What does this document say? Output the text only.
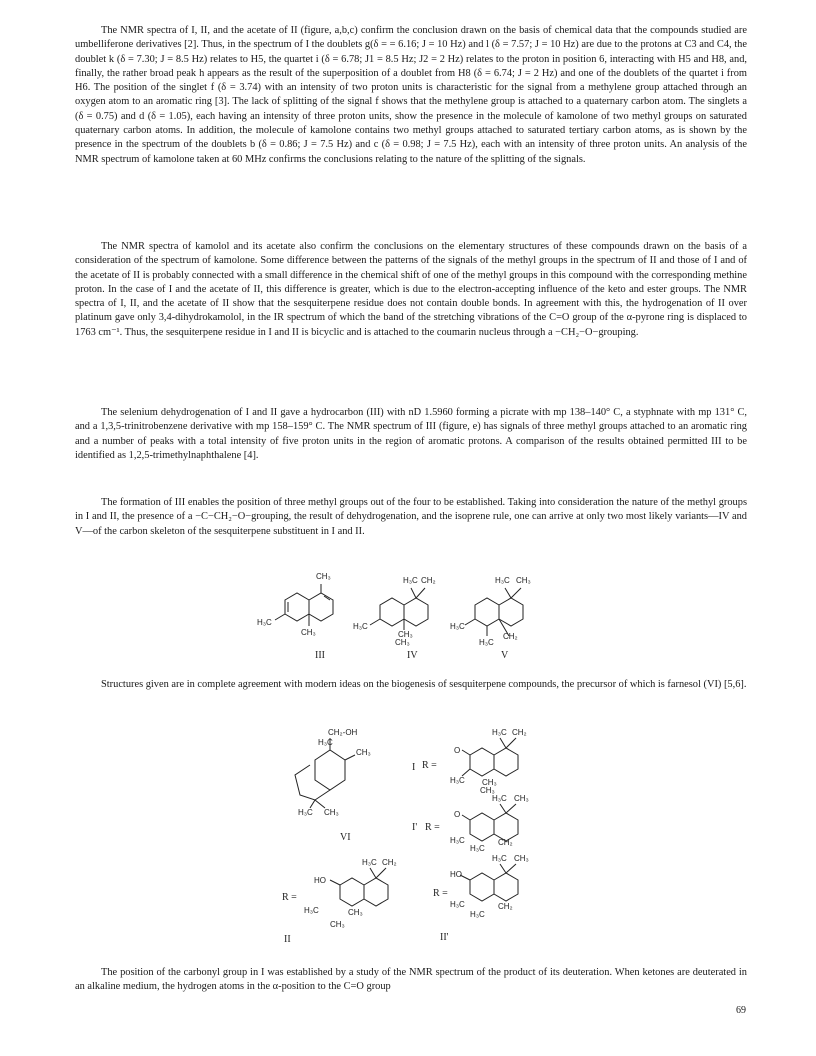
The NMR spectra of I, II, and the acetate of II (figure, a,b,c) confirm the conclusion drawn on the basis of chemical data that the compounds studied are umbelliferone derivatives [2]. Thus, in the spectrum of I the doublets g(δ = = 6.16; J = 10 Hz) and l (δ = 7.57; J = 10 Hz) are due to the protons at C3 and C4, the doublet k (δ = 7.30; J = 8.5 Hz) relates to H5, the quartet i (δ = 6.78; J1 = 8.5 Hz; J2 = 2 Hz) relates to the proton in position 6, interacting with H5 and H8, and, finally, the rather broad peak h appears as the result of the superposition of a doublet from H8 (δ = 6.74; J = 2 Hz) and one of the doublets of the quartet i from H6. The position of the singlet f (δ = 3.74) with an intensity of two proton units is characteristic for the signal from a methylene group attached through an oxygen atom to an aromatic ring [3]. The lack of splitting of the signal f shows that the methylene group is attached to a quaternary carbon atom. The singlets a (δ = 0.75) and d (δ = 1.05), each having an intensity of three proton units, show the presence in the molecule of kamolone of two methyl groups on saturated quaternary carbon atoms. In addition, the molecule of kamolone contains two methyl groups attached to saturated tertiary carbon atoms, as is shown by the presence in the spectrum of the doublets b (δ = 0.86; J = 7.5 Hz) and c (δ = 0.98; J = 7.5 Hz), each with an intensity of three proton units. An analysis of the NMR spectrum of kamolone taken at 60 MHz confirms the conclusions relating to the nature of the splitting of the signals.

The NMR spectra of kamolol and its acetate also confirm the conclusions on the elementary structures of these compounds drawn on the basis of a consideration of the spectrum of kamolone. Some difference between the patterns of the signals of the methyl groups in the spectrum of II and those of I and of the acetate of II is probably connected with a small difference in the chemical shift of one of the methyl groups in this compound with the corresponding methine proton. In the case of I and the acetate of II, this difference is greater, which is due to the electron-accepting influence of the keto and ester groups. The NMR spectra of I, II, and the acetate of II show that the sesquiterpene residue does not contain double bonds. In agreement with this, the hydrogenation of II over platinum gave only 3,4-dihydrokamolol, in the IR spectrum of which the band of the stretching vibrations of the C=O group of the α-pyrone ring is displaced to 1763 cm⁻¹. Thus, the sesquiterpene residue in I and II is bicyclic and is attached to the coumarin nucleus through a −CH₂−O−grouping.

The selenium dehydrogenation of I and II gave a hydrocarbon (III) with nD 1.5960 forming a picrate with mp 138–140° C, a styphnate with mp 131° C, and a 1,3,5-trinitrobenzene derivative with mp 158–159° C. The NMR spectrum of III (figure, e) has signals of three methyl groups attached to an aromatic ring and a number of peaks with a total intensity of five proton units in the region of aromatic protons. A comparison of the results obtained permitted III to be identified as 1,2,5-trimethylnaphthalene [4].

The formation of III enables the position of three methyl groups out of the four to be established. Taking into consideration the nature of the methyl groups in I and II, the presence of a −C−CH₂−O−grouping, the result of dehydrogenation, and the isoprene rule, one can arrive at only two most likely variants—IV and V—of the carbon skeleton of the sesquiterpene substituent in I and II.

CH₃
H₃C
CH₃
III
H₃C CH₂
H₃C
CH₃
CH₃
IV
H₃C CH₃
H₃C
H₃C
CH₂
V

Structures given are in complete agreement with modern ideas on the biogenesis of sesquiterpene compounds, the precursor of which is farnesol (VI) [5,6].

CH₂-OH
H₃C
CH₃
H₃C CH₃
VI
I R =
H₃C CH₂
O
H₃C CH₃
CH₃
I' R =
H₃C CH₃
O
H₃C
H₃C
CH₂
R =
H₃C CH₂
HO
H₃C	CH₃
CH₃
II
R =
H₃C CH₃
HO
H₃C
H₃C
CH₂
II'

The position of the carbonyl group in I was established by a study of the NMR spectrum of the product of its deuteration. When ketones are deuterated in an alkaline medium, the hydrogen atoms in the α-position to the C=O group

69
